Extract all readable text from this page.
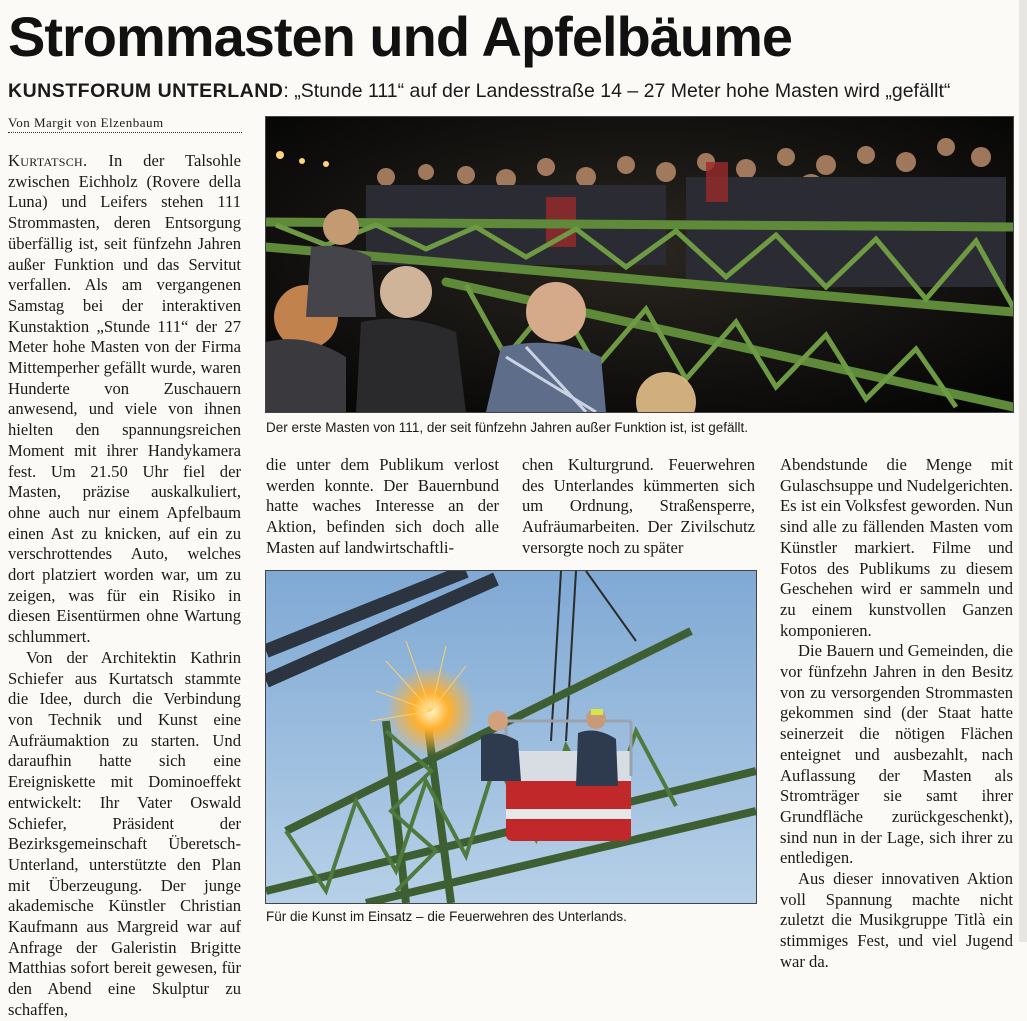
Strommasten und Apfelbäume
KUNSTFORUM UNTERLAND: „Stunde 111“ auf der Landesstraße 14 – 27 Meter hohe Masten wird „gefällt“
Von Margit von Elzenbaum

Kurtatsch. In der Talsohle zwischen Eichholz (Rovere della Luna) und Leifers stehen 111 Strommasten, deren Entsorgung überfällig ist, seit fünfzehn Jahren außer Funktion und das Servitut verfallen. Als am vergangenen Samstag bei der interaktiven Kunstaktion „Stunde 111“ der 27 Meter hohe Masten von der Firma Mittemperher gefällt wurde, waren Hunderte von Zuschauern anwesend, und viele von ihnen hielten den spannungsreichen Moment mit ihrer Handykamera fest. Um 21.50 Uhr fiel der Masten, präzise auskalkuliert, ohne auch nur einem Apfelbaum einen Ast zu knicken, auf ein zu verschrottendes Auto, welches dort platziert worden war, um zu zeigen, was für ein Risiko in diesen Eisentürmen ohne Wartung schlummert.

Von der Architektin Kathrin Schiefer aus Kurtatsch stammte die Idee, durch die Verbindung von Technik und Kunst eine Aufräumaktion zu starten. Und daraufhin hatte sich eine Ereigniskette mit Dominoeffekt entwickelt: Ihr Vater Oswald Schiefer, Präsident der Bezirksgemeinschaft Überetsch-Unterland, unterstützte den Plan mit Überzeugung. Der junge akademische Künstler Christian Kaufmann aus Margreid war auf Anfrage der Galeristin Brigitte Matthias sofort bereit gewesen, für den Abend eine Skulptur zu schaffen,

Der erste Masten von 111, der seit fünfzehn Jahren außer Funktion ist, ist gefällt.

die unter dem Publikum verlost werden konnte. Der Bauernbund hatte waches Interesse an der Aktion, befinden sich doch alle Masten auf landwirtschaftli-

chen Kulturgrund. Feuerwehren des Unterlandes kümmerten sich um Ordnung, Straßensperre, Aufräumarbeiten. Der Zivilschutz versorgte noch zu später

Für die Kunst im Einsatz – die Feuerwehren des Unterlands.

Abendstunde die Menge mit Gulaschsuppe und Nudelgerichten. Es ist ein Volksfest geworden. Nun sind alle zu fällenden Masten vom Künstler markiert. Filme und Fotos des Publikums zu diesem Geschehen wird er sammeln und zu einem kunstvollen Ganzen komponieren.

Die Bauern und Gemeinden, die vor fünfzehn Jahren in den Besitz von zu versorgenden Strommasten gekommen sind (der Staat hatte seinerzeit die nötigen Flächen enteignet und ausbezahlt, nach Auflassung der Masten als Stromträger sie samt ihrer Grundfläche zurückgeschenkt), sind nun in der Lage, sich ihrer zu entledigen.

Aus dieser innovativen Aktion voll Spannung machte nicht zuletzt die Musikgruppe Titlà ein stimmiges Fest, und viel Jugend war da.
